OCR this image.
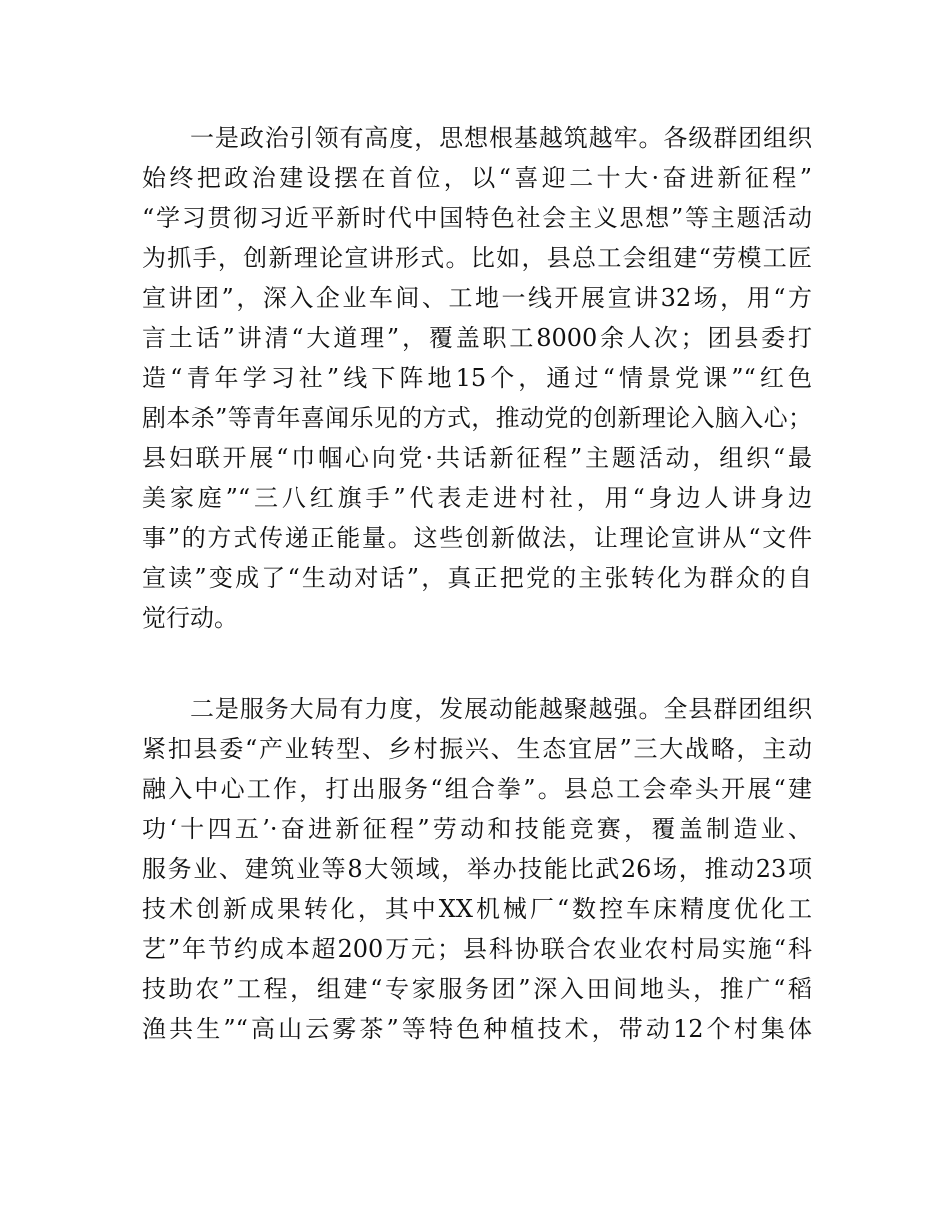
一是政治引领有高度，思想根基越筑越牢。各级群团组织
始终把政治建设摆在首位，以“喜迎二十大·奋进新征程”
“学习贯彻习近平新时代中国特色社会主义思想”等主题活动
为抓手，创新理论宣讲形式。比如，县总工会组建“劳模工匠
宣讲团”，深入企业车间、工地一线开展宣讲32场，用“方
言土话”讲清“大道理”，覆盖职工8000余人次；团县委打
造“青年学习社”线下阵地15个，通过“情景党课”“红色
剧本杀”等青年喜闻乐见的方式，推动党的创新理论入脑入心；
县妇联开展“巾帼心向党·共话新征程”主题活动，组织“最
美家庭”“三八红旗手”代表走进村社，用“身边人讲身边
事”的方式传递正能量。这些创新做法，让理论宣讲从“文件
宣读”变成了“生动对话”，真正把党的主张转化为群众的自
觉行动。
二是服务大局有力度，发展动能越聚越强。全县群团组织
紧扣县委“产业转型、乡村振兴、生态宜居”三大战略，主动
融入中心工作，打出服务“组合拳”。县总工会牵头开展“建
功‘十四五’·奋进新征程”劳动和技能竞赛，覆盖制造业、
服务业、建筑业等8大领域，举办技能比武26场，推动23项
技术创新成果转化，其中XX机械厂“数控车床精度优化工
艺”年节约成本超200万元；县科协联合农业农村局实施“科
技助农”工程，组建“专家服务团”深入田间地头，推广“稻
渔共生”“高山云雾茶”等特色种植技术，带动12个村集体
